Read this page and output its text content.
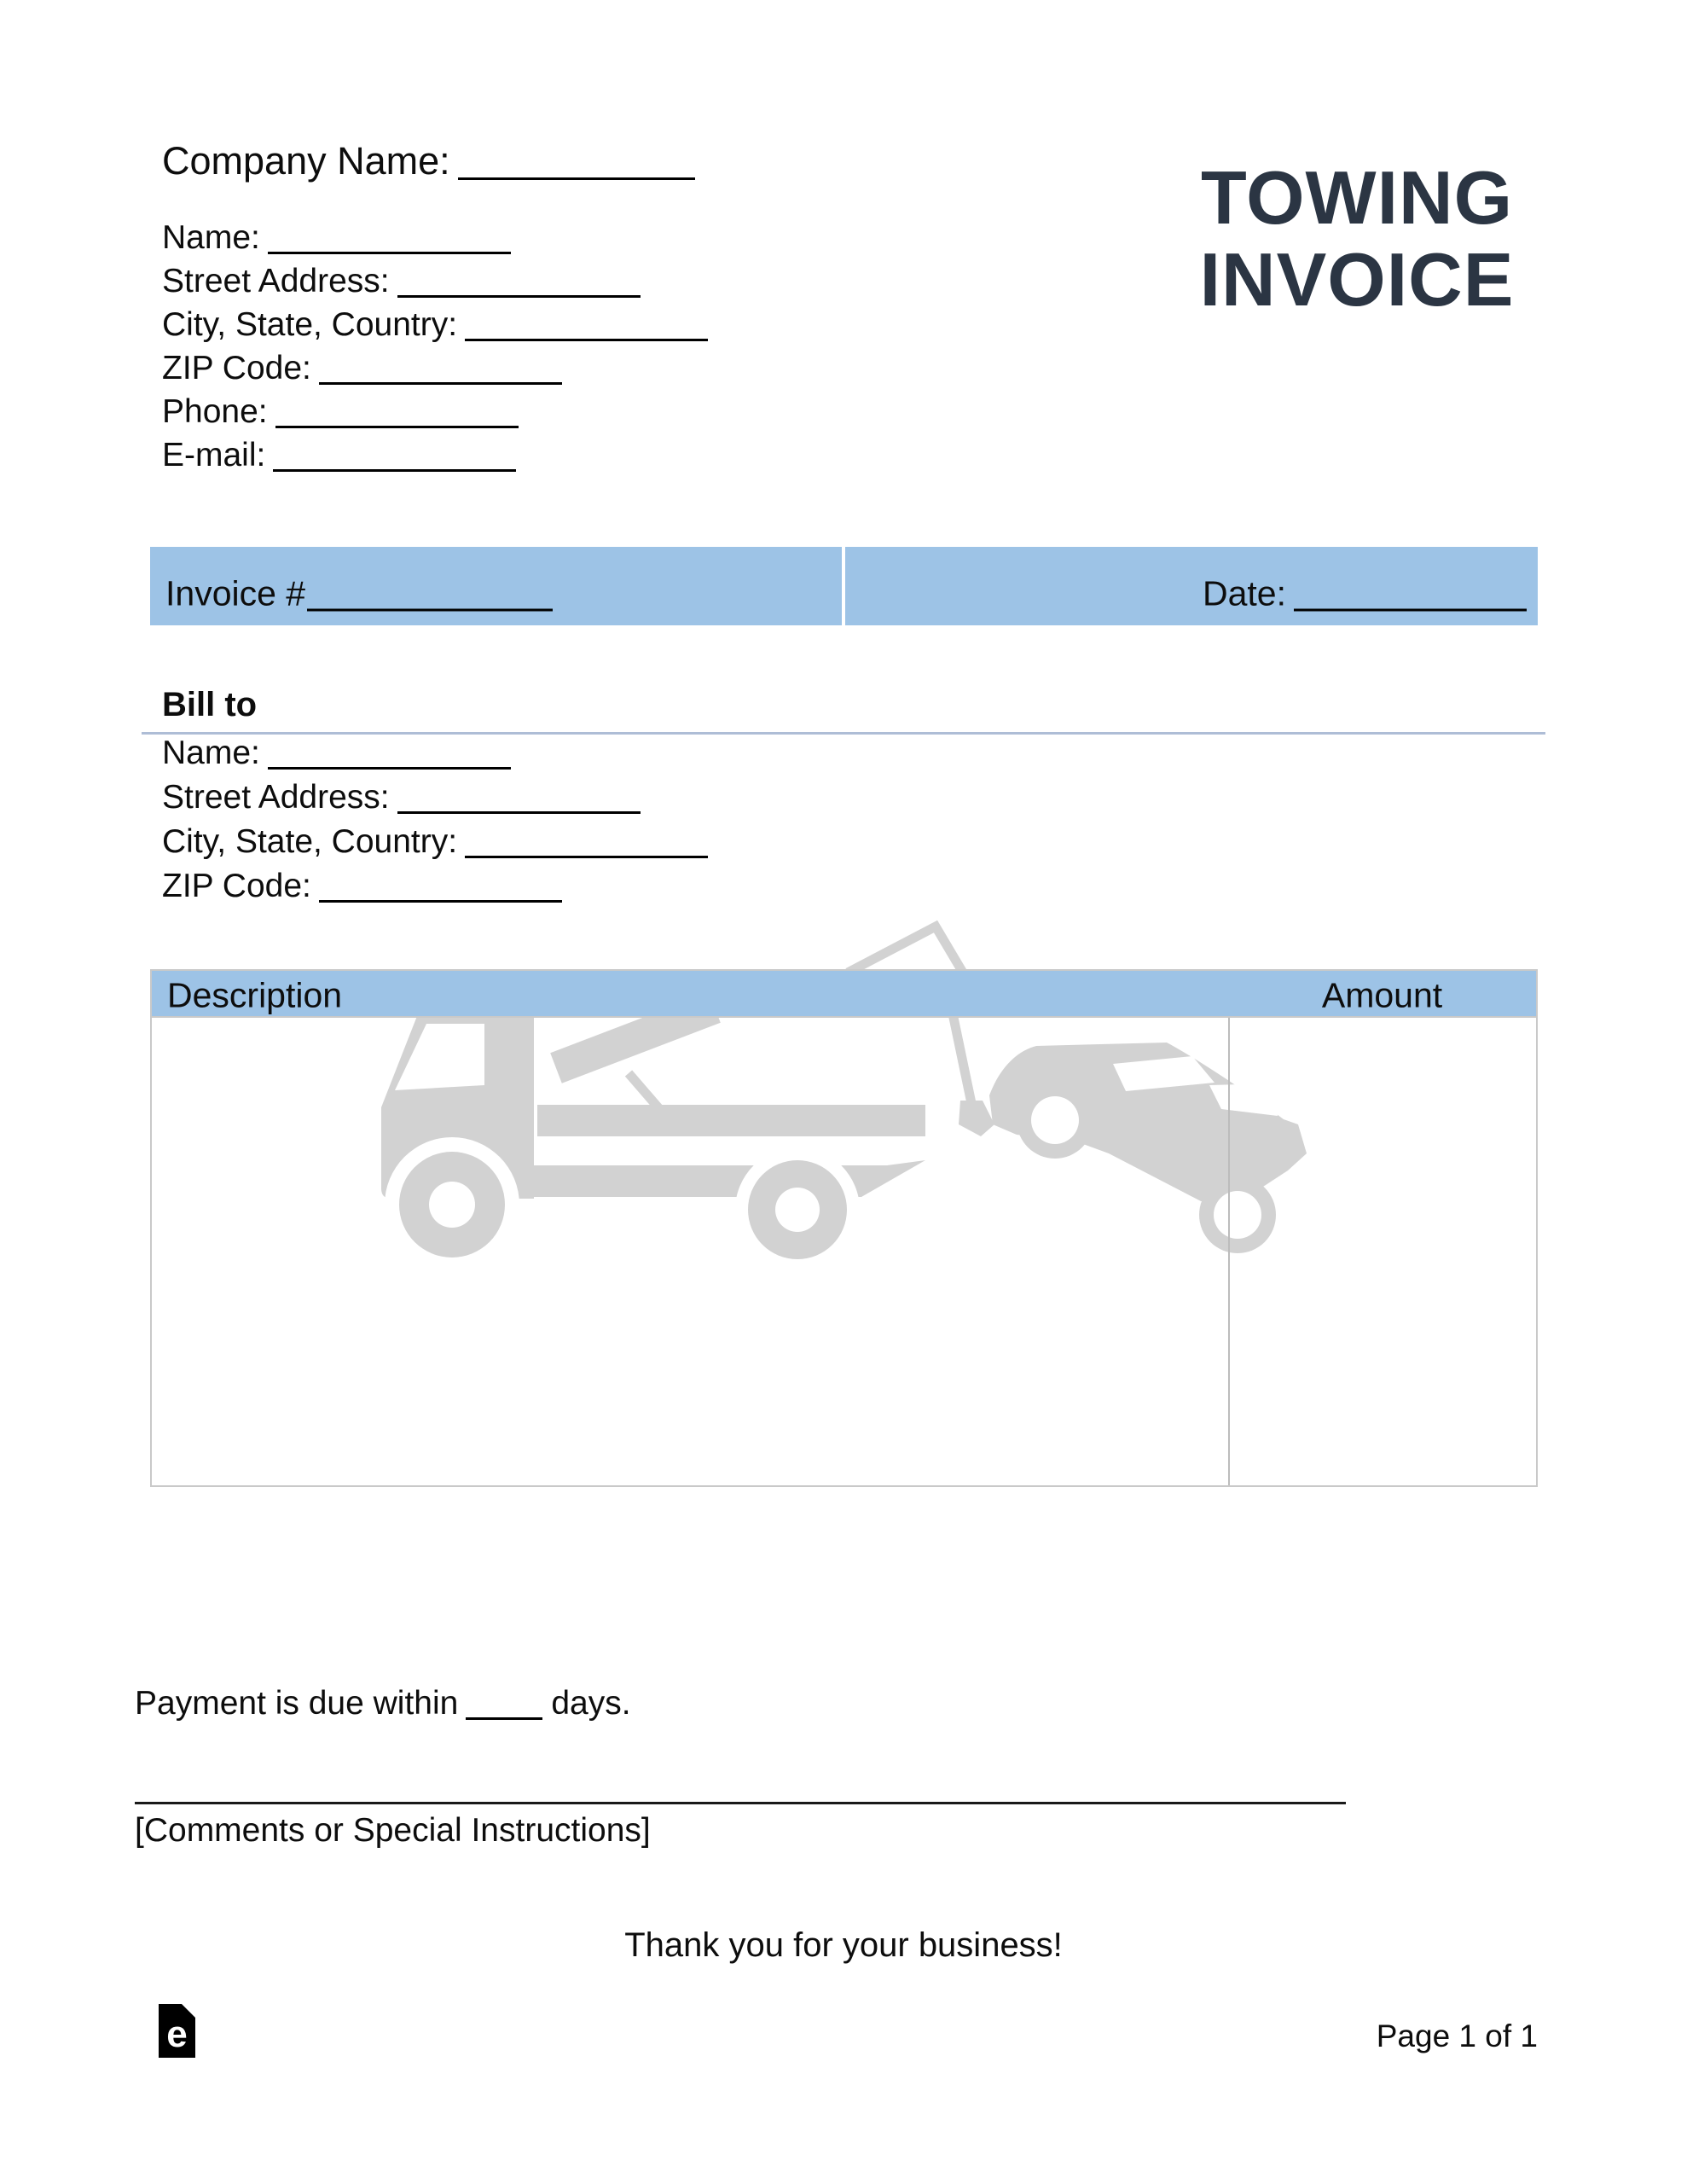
Company Name:
Name:
Street Address:
City, State, Country:
ZIP Code:
Phone:
E-mail:
TOWING
INVOICE
Invoice #	Date:
Bill to
Name:
Street Address:
City, State, Country:
ZIP Code:
Description	Amount
Payment is due within	days.
[Comments or Special Instructions]
Thank you for your business!
e	Page 1 of 1
